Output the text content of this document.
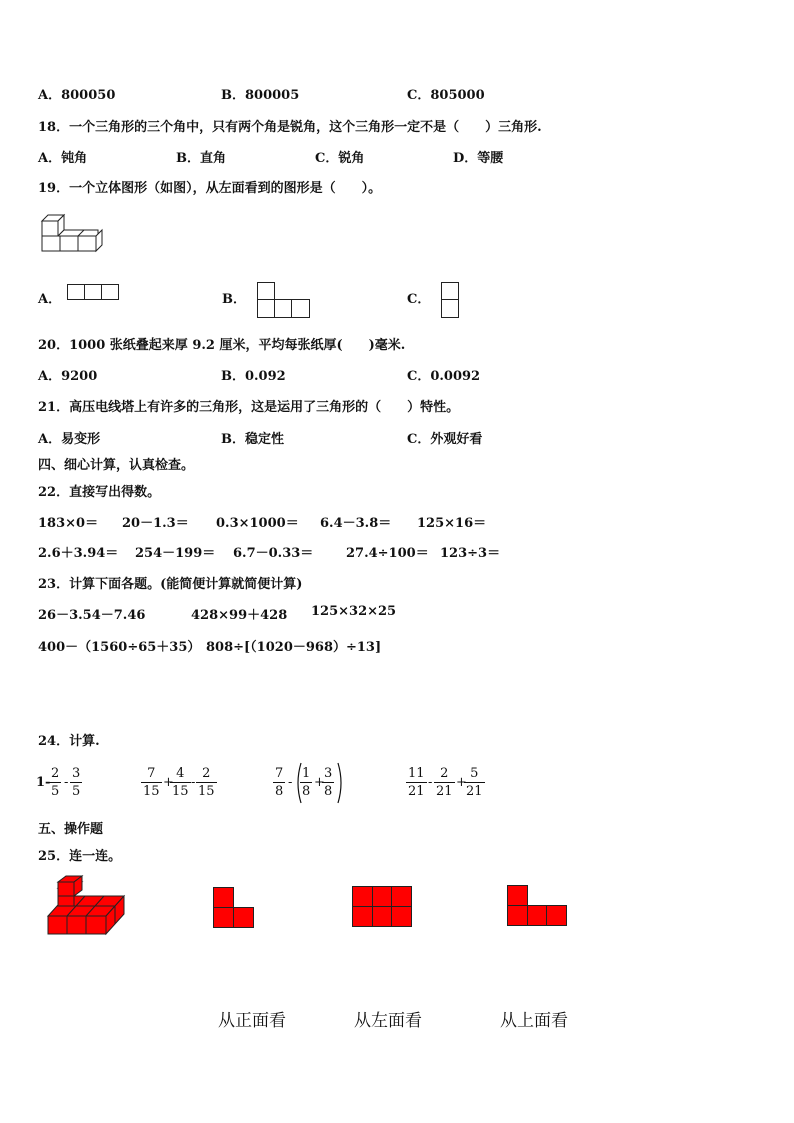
A．800050	B．800005	C．805000
18．一个三角形的三个角中，只有两个角是锐角，这个三角形一定不是（　　）三角形.
A．钝角	B．直角	C．锐角	D．等腰
19．一个立体图形（如图），从左面看到的图形是（　　）。
A．	B．	C．
20．1000 张纸叠起来厚 9.2 厘米，平均每张纸厚(　　)毫米.
A．9200	B．0.092	C．0.0092
21．高压电线塔上有许多的三角形，这是运用了三角形的（　　）特性。
A．易变形	B．稳定性	C．外观好看
四、细心计算，认真检查。
22．直接写出得数。
183×0＝ 20－1.3＝ 0.3×1000＝ 6.4－3.8＝ 125×16＝
2.6＋3.94＝ 254－199＝ 6.7－0.33＝	27.4÷100＝ 123÷3＝
23．计算下面各题。(能简便计算就简便计算)
26－3.54－7.46	428×99＋428 125×32×25
400－（1560÷65＋35） 808÷[（1020－968）÷13]
24．计算.
1-
$\frac{2}{5} - \frac{3}{5}$	$\frac{7}{15}$ +
$\frac{4}{15} - \frac{2}{15}$	$\frac{7}{8} - \frac{1}{8}$ +
$\frac{3}{8}$	$\frac{11}{21} - \frac{2}{21}$ +
$\frac{5}{21}$
五、操作题
25．连一连。
从正面看	从左面看	从上面看
